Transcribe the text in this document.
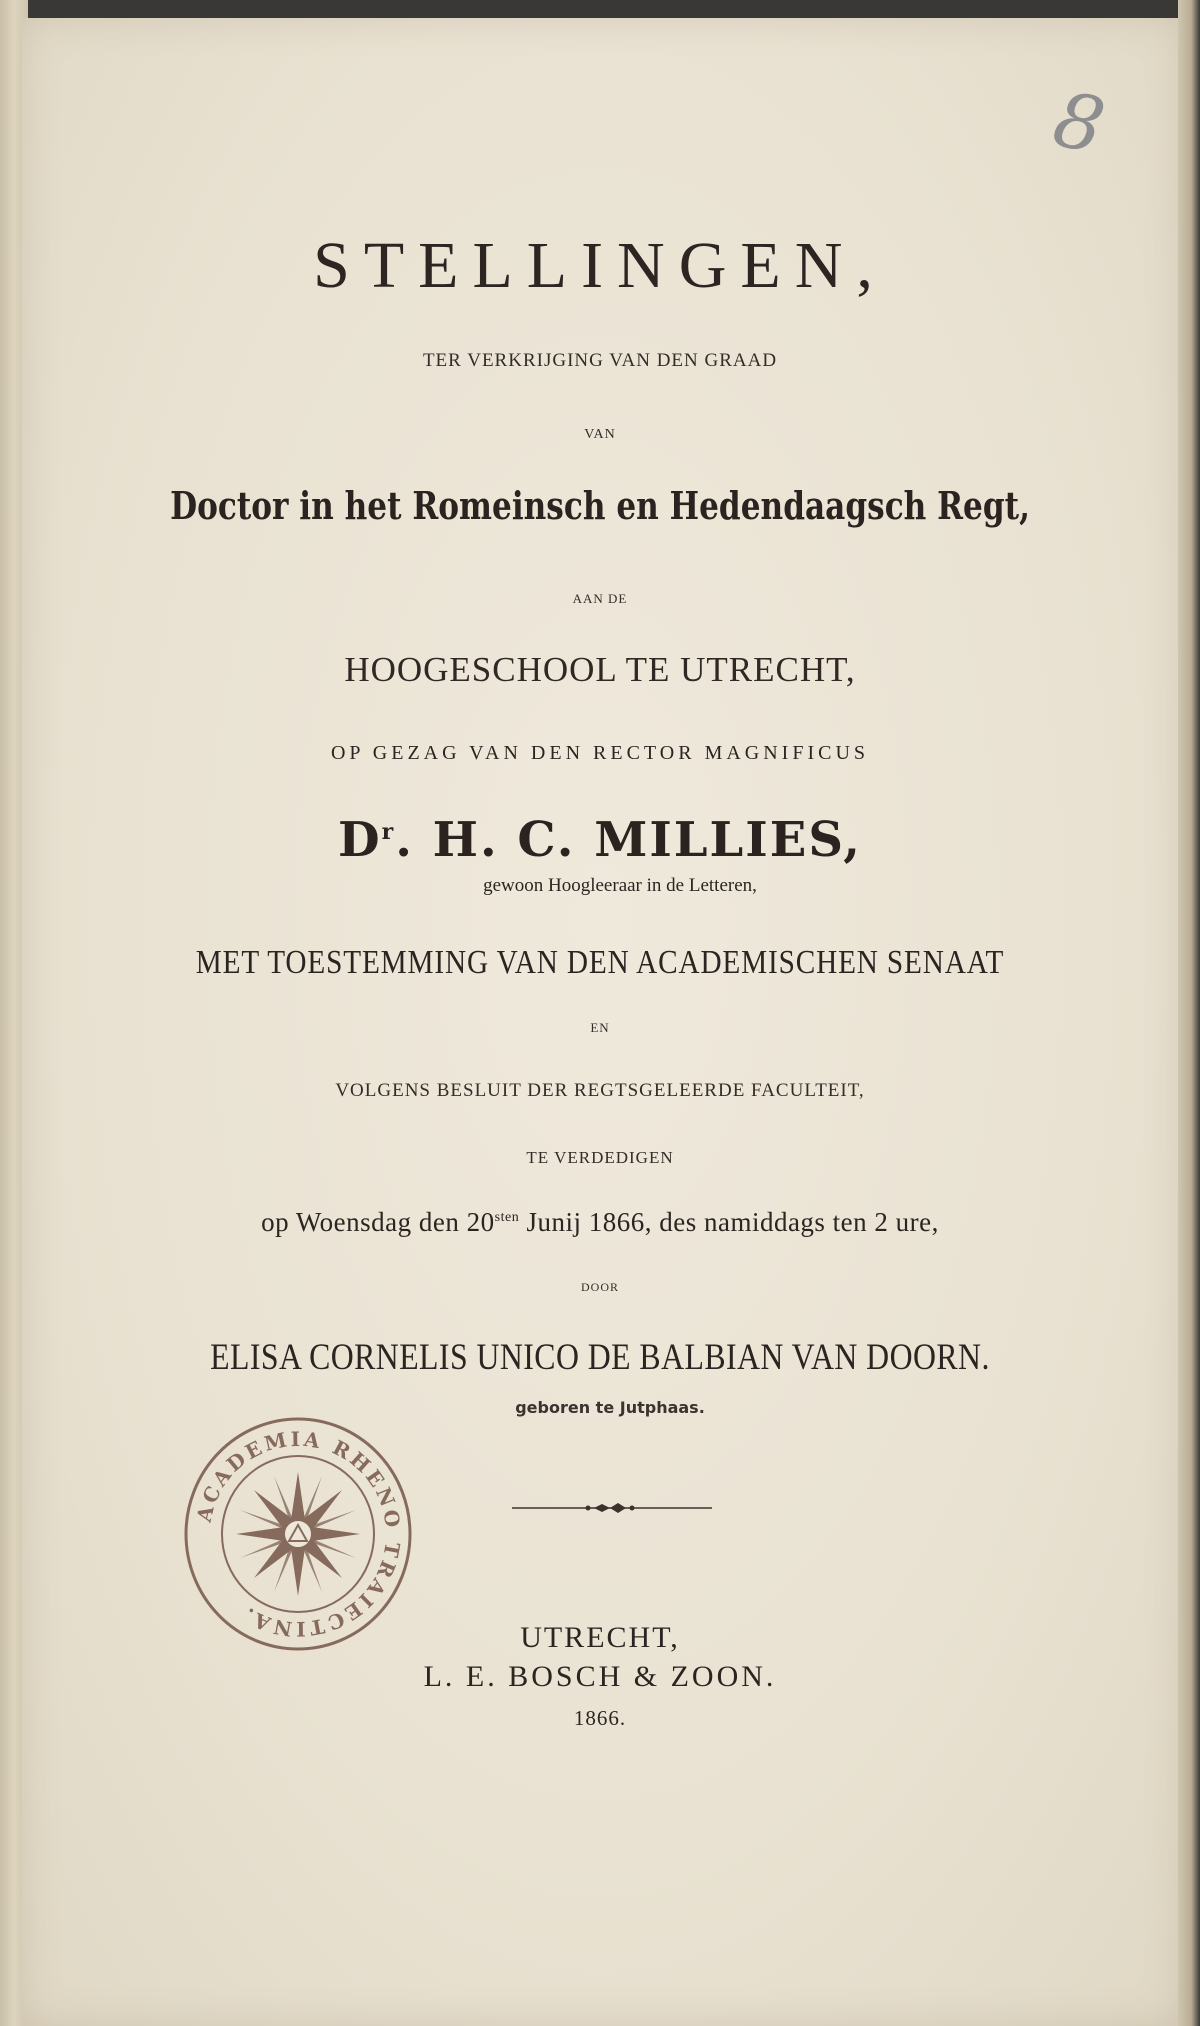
8
STELLINGEN,
TER VERKRIJGING VAN DEN GRAAD
VAN
Doctor in het Romeinsch en Hedendaagsch Regt,
AAN DE
HOOGESCHOOL TE UTRECHT,
OP GEZAG VAN DEN RECTOR MAGNIFICUS
$D^r$. H. C. MILLIES,
gewoon Hoogleeraar in de Letteren,
MET TOESTEMMING VAN DEN ACADEMISCHEN SENAAT
EN
VOLGENS BESLUIT DER REGTSGELEERDE FACULTEIT,
TE VERDEDIGEN
op Woensdag den $20^{sten}$ Junij 1866, des namiddags ten 2 ure,
DOOR
ELISA CORNELIS UNICO DE BALBIAN VAN DOORN.
geboren te Jutphaas.
ACADEMIA RHENO TRAIECTINA.
UTRECHT,
L. E. BOSCH & ZOON.
1866.
